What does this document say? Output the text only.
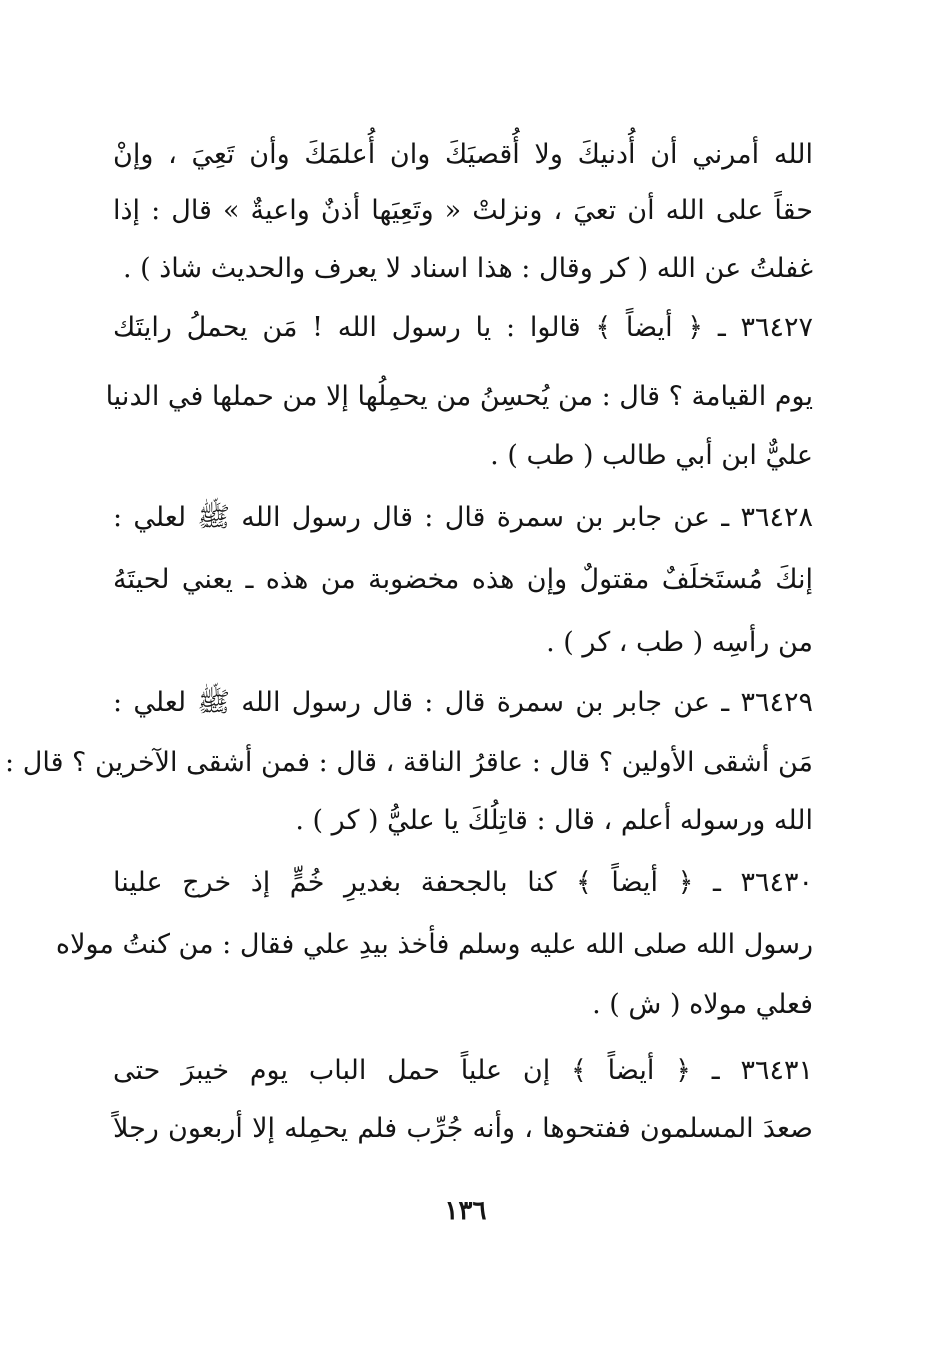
الله أمرني أن أُدنيكَ ولا أُقصيَكَ وان أُعلمَكَ وأن تَعِيَ ، وإنْ
حقاً على الله أن تعيَ ، ونزلتْ « وتَعِيَها أذنٌ واعيةٌ » قال : إذا
غفلتُ عن الله ( كر وقال : هذا اسناد لا يعرف والحديث شاذ ) .
٣٦٤٢٧ ـ ﴿ أيضاً ﴾ قالوا : يا رسول الله ! مَن يحملُ رايتَك
يوم القيامة ؟ قال : من يُحسِنُ من يحمِلُها إلا من حملها في الدنيا
عليٌّ ابن أبي طالب ( طب ) .
٣٦٤٢٨ ـ عن جابر بن سمرة قال : قال رسول الله ﷺ لعلي :
إنكَ مُستَخلَفٌ مقتولٌ وإن هذه مخضوبة من هذه ـ يعني لحيتَهُ
من رأسِه ( طب ، كر ) .
٣٦٤٢٩ ـ عن جابر بن سمرة قال : قال رسول الله ﷺ لعلي :
مَن أشقى الأولين ؟ قال : عاقرُ الناقة ، قال : فمن أشقى الآخرين ؟ قال :
الله ورسوله أعلم ، قال : قاتِلُكَ يا عليُّ ( كر ) .
٣٦٤٣٠ ـ ﴿ أيضاً ﴾ كنا بالجحفة بغديرِ خُمٍّ إذ خرج علينا
رسول الله صلى الله عليه وسلم فأخذ بيدِ علي فقال : من كنتُ مولاه
فعلي مولاه ( ش ) .
٣٦٤٣١ ـ ﴿ أيضاً ﴾ إن علياً حمل الباب يوم خيبرَ حتى
صعدَ المسلمون ففتحوها ، وأنه جُرِّب فلم يحمِله إلا أربعون رجلاً
١٣٦
